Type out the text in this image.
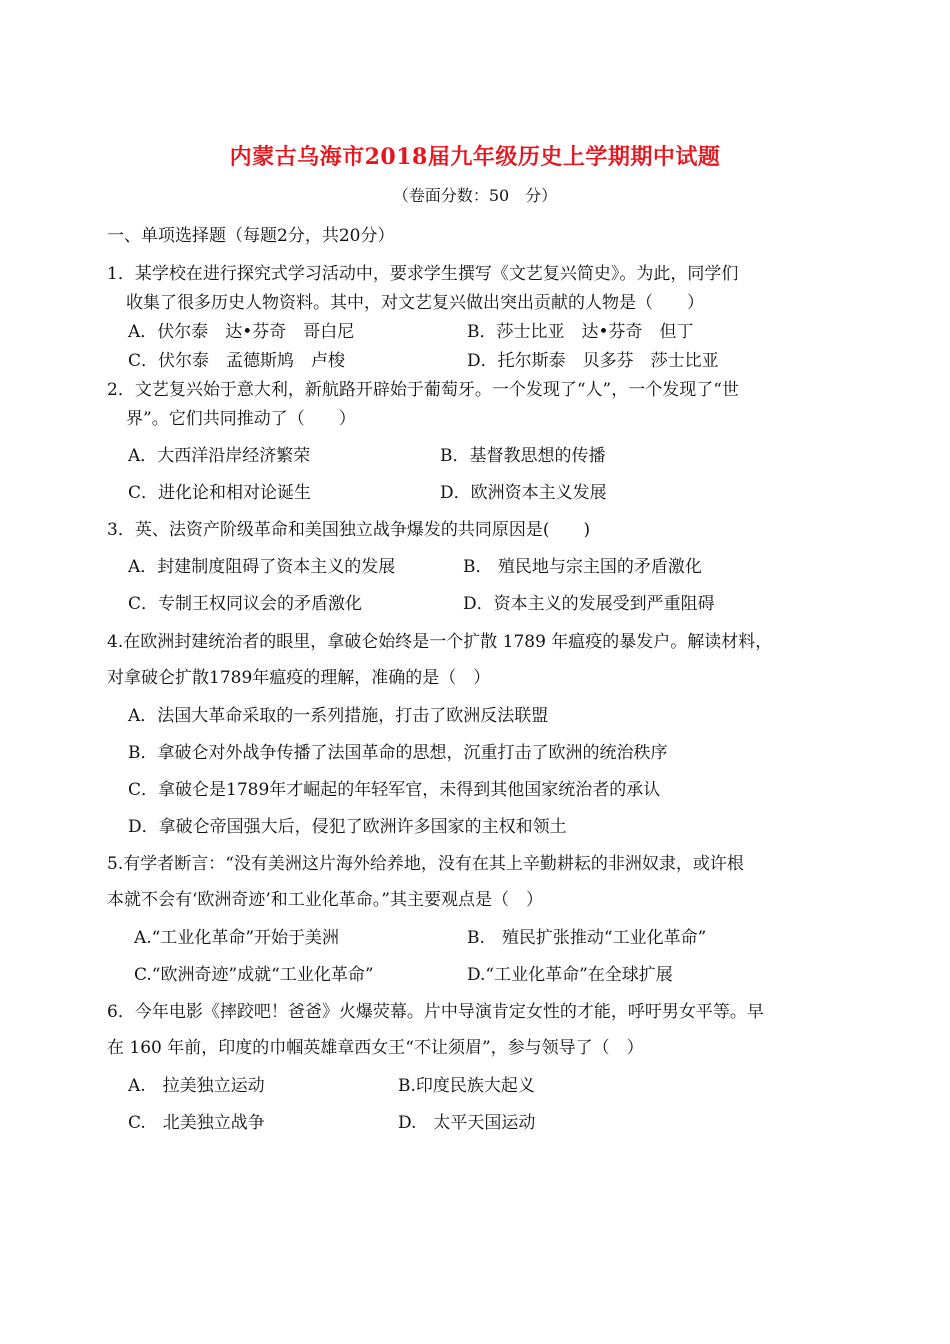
内蒙古乌海市2018届九年级历史上学期期中试题
（卷面分数：50　分）
一、单项选择题（每题2分，共20分）
1．某学校在进行探究式学习活动中，要求学生撰写《文艺复兴简史》。为此，同学们
收集了很多历史人物资料。其中，对文艺复兴做出突出贡献的人物是（　　）
A．伏尔泰　达•芬奇　哥白尼	B．莎士比亚　达•芬奇　但丁
C．伏尔泰　孟德斯鸠　卢梭	D．托尔斯泰　贝多芬　莎士比亚
2．文艺复兴始于意大利，新航路开辟始于葡萄牙。一个发现了“人”，一个发现了“世
界”。它们共同推动了（　　）
A．大西洋沿岸经济繁荣	B．基督教思想的传播
C．进化论和相对论诞生	D．欧洲资本主义发展
3．英、法资产阶级革命和美国独立战争爆发的共同原因是(　　)
A．封建制度阻碍了资本主义的发展	B． 殖民地与宗主国的矛盾激化
C．专制王权同议会的矛盾激化	D．资本主义的发展受到严重阻碍
4.在欧洲封建统治者的眼里，拿破仑始终是一个扩散 1789 年瘟疫的暴发户。解读材料，
对拿破仑扩散1789年瘟疫的理解，准确的是（　）
A．法国大革命采取的一系列措施，打击了欧洲反法联盟
B．拿破仑对外战争传播了法国革命的思想，沉重打击了欧洲的统治秩序
C．拿破仑是1789年才崛起的年轻军官，未得到其他国家统治者的承认
D．拿破仑帝国强大后，侵犯了欧洲许多国家的主权和领土
5.有学者断言：“没有美洲这片海外给养地，没有在其上辛勤耕耘的非洲奴隶，或许根
本就不会有‘欧洲奇迹’和工业化革命。”其主要观点是（　）
A.“工业化革命”开始于美洲	B.　殖民扩张推动“工业化革命”
C.“欧洲奇迹”成就“工业化革命”	D.“工业化革命”在全球扩展
6．今年电影《摔跤吧！爸爸》火爆荧幕。片中导演肯定女性的才能，呼吁男女平等。早
在 160 年前，印度的巾帼英雄章西女王“不让须眉”，参与领导了（　）
A.　拉美独立运动	B.印度民族大起义
C.　北美独立战争	D.　太平天国运动
